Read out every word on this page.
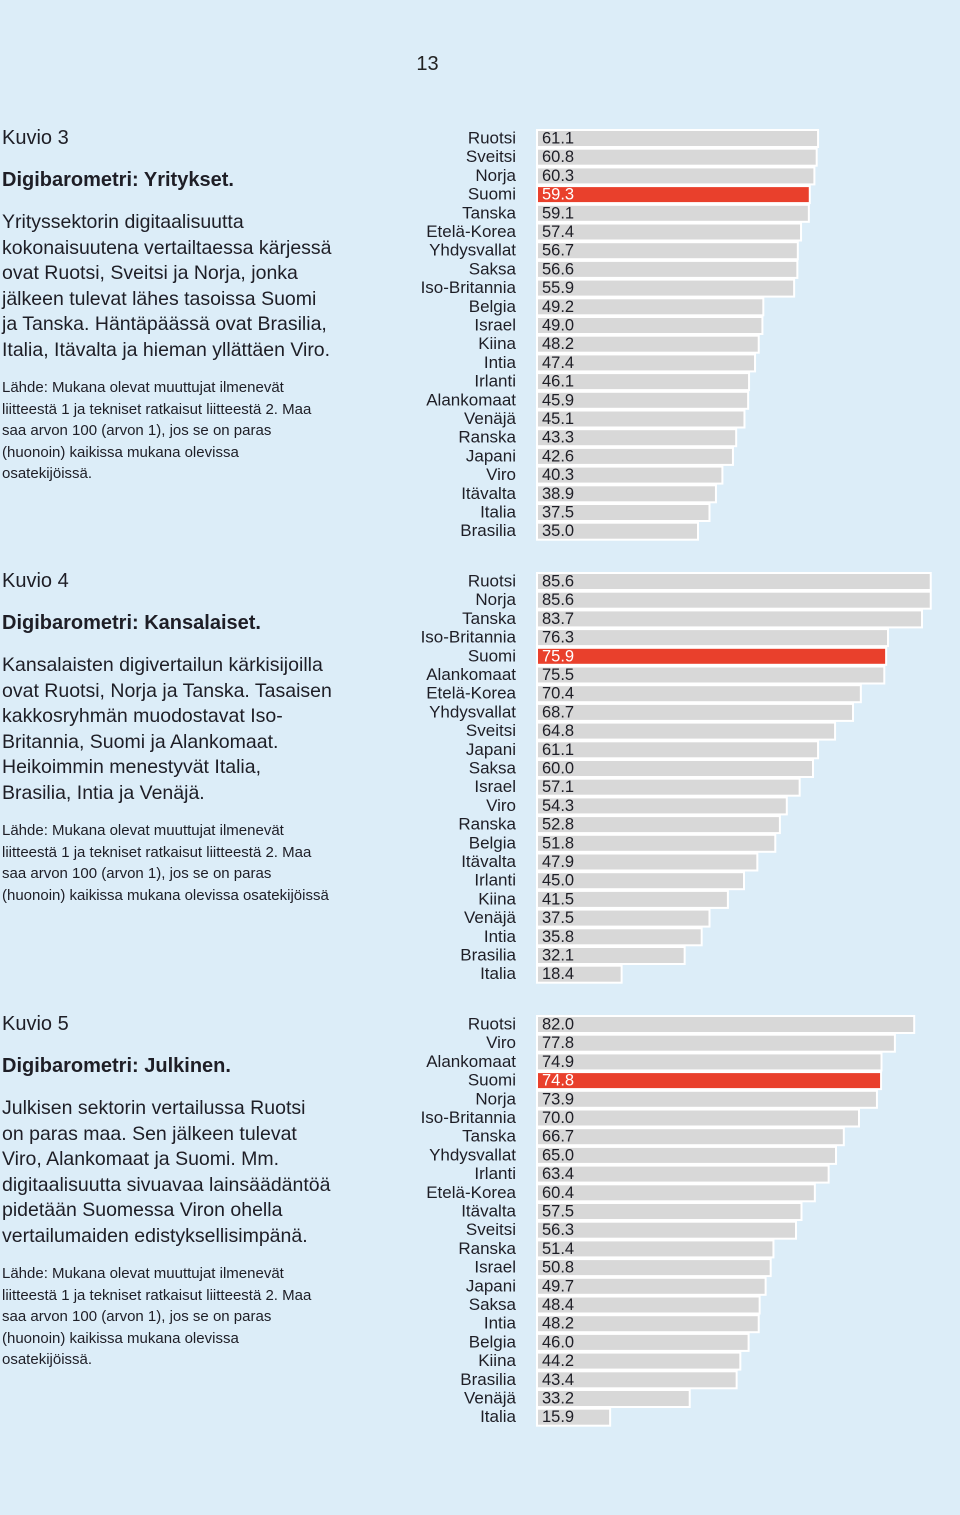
13
Kuvio 3
Digibarometri: Yritykset.
Yrityssektorin digitaalisuutta kokonaisuutena vertailtaessa kärjessä ovat Ruotsi, Sveitsi ja Norja, jonka jälkeen tulevat lähes tasoissa Suomi ja Tanska. Häntäpäässä ovat Brasilia, Italia, Itävalta ja hieman yllättäen Viro.
Lähde: Mukana olevat muuttujat ilmenevät liitteestä 1 ja tekniset ratkaisut liitteestä 2. Maa saa arvon 100 (arvon 1), jos se on paras (huonoin) kaikissa mukana olevissa osatekijöissä.
Ruotsi 61.1
Sveitsi 60.8
Norja 60.3
Suomi 59.3
Tanska 59.1
Etelä-Korea 57.4
Yhdysvallat 56.7
Saksa 56.6
Iso-Britannia 55.9
Belgia 49.2
Israel 49.0
Kiina 48.2
Intia 47.4
Irlanti 46.1
Alankomaat 45.9
Venäjä 45.1
Ranska 43.3
Japani 42.6
Viro 40.3
Itävalta 38.9
Italia 37.5
Brasilia 35.0
Kuvio 4
Digibarometri: Kansalaiset.
Kansalaisten digivertailun kärkisijoilla ovat Ruotsi, Norja ja Tanska. Tasaisen kakkosryhmän muodostavat Iso-Britannia, Suomi ja Alankomaat. Heikoimmin menestyvät Italia, Brasilia, Intia ja Venäjä.
Lähde: Mukana olevat muuttujat ilmenevät liitteestä 1 ja tekniset ratkaisut liitteestä 2. Maa saa arvon 100 (arvon 1), jos se on paras (huonoin) kaikissa mukana olevissa osatekijöissä
Ruotsi 85.6
Norja 85.6
Tanska 83.7
Iso-Britannia 76.3
Suomi 75.9
Alankomaat 75.5
Etelä-Korea 70.4
Yhdysvallat 68.7
Sveitsi 64.8
Japani 61.1
Saksa 60.0
Israel 57.1
Viro 54.3
Ranska 52.8
Belgia 51.8
Itävalta 47.9
Irlanti 45.0
Kiina 41.5
Venäjä 37.5
Intia 35.8
Brasilia 32.1
Italia 18.4
Kuvio 5
Digibarometri: Julkinen.
Julkisen sektorin vertailussa Ruotsi on paras maa. Sen jälkeen tulevat Viro, Alankomaat ja Suomi. Mm. digitaalisuutta sivuavaa lainsäädäntöä pidetään Suomessa Viron ohella vertailumaiden edistyksellisimpänä.
Lähde: Mukana olevat muuttujat ilmenevät liitteestä 1 ja tekniset ratkaisut liitteestä 2. Maa saa arvon 100 (arvon 1), jos se on paras (huonoin) kaikissa mukana olevissa osatekijöissä.
Ruotsi 82.0
Viro 77.8
Alankomaat 74.9
Suomi 74.8
Norja 73.9
Iso-Britannia 70.0
Tanska 66.7
Yhdysvallat 65.0
Irlanti 63.4
Etelä-Korea 60.4
Itävalta 57.5
Sveitsi 56.3
Ranska 51.4
Israel 50.8
Japani 49.7
Saksa 48.4
Intia 48.2
Belgia 46.0
Kiina 44.2
Brasilia 43.4
Venäjä 33.2
Italia 15.9
